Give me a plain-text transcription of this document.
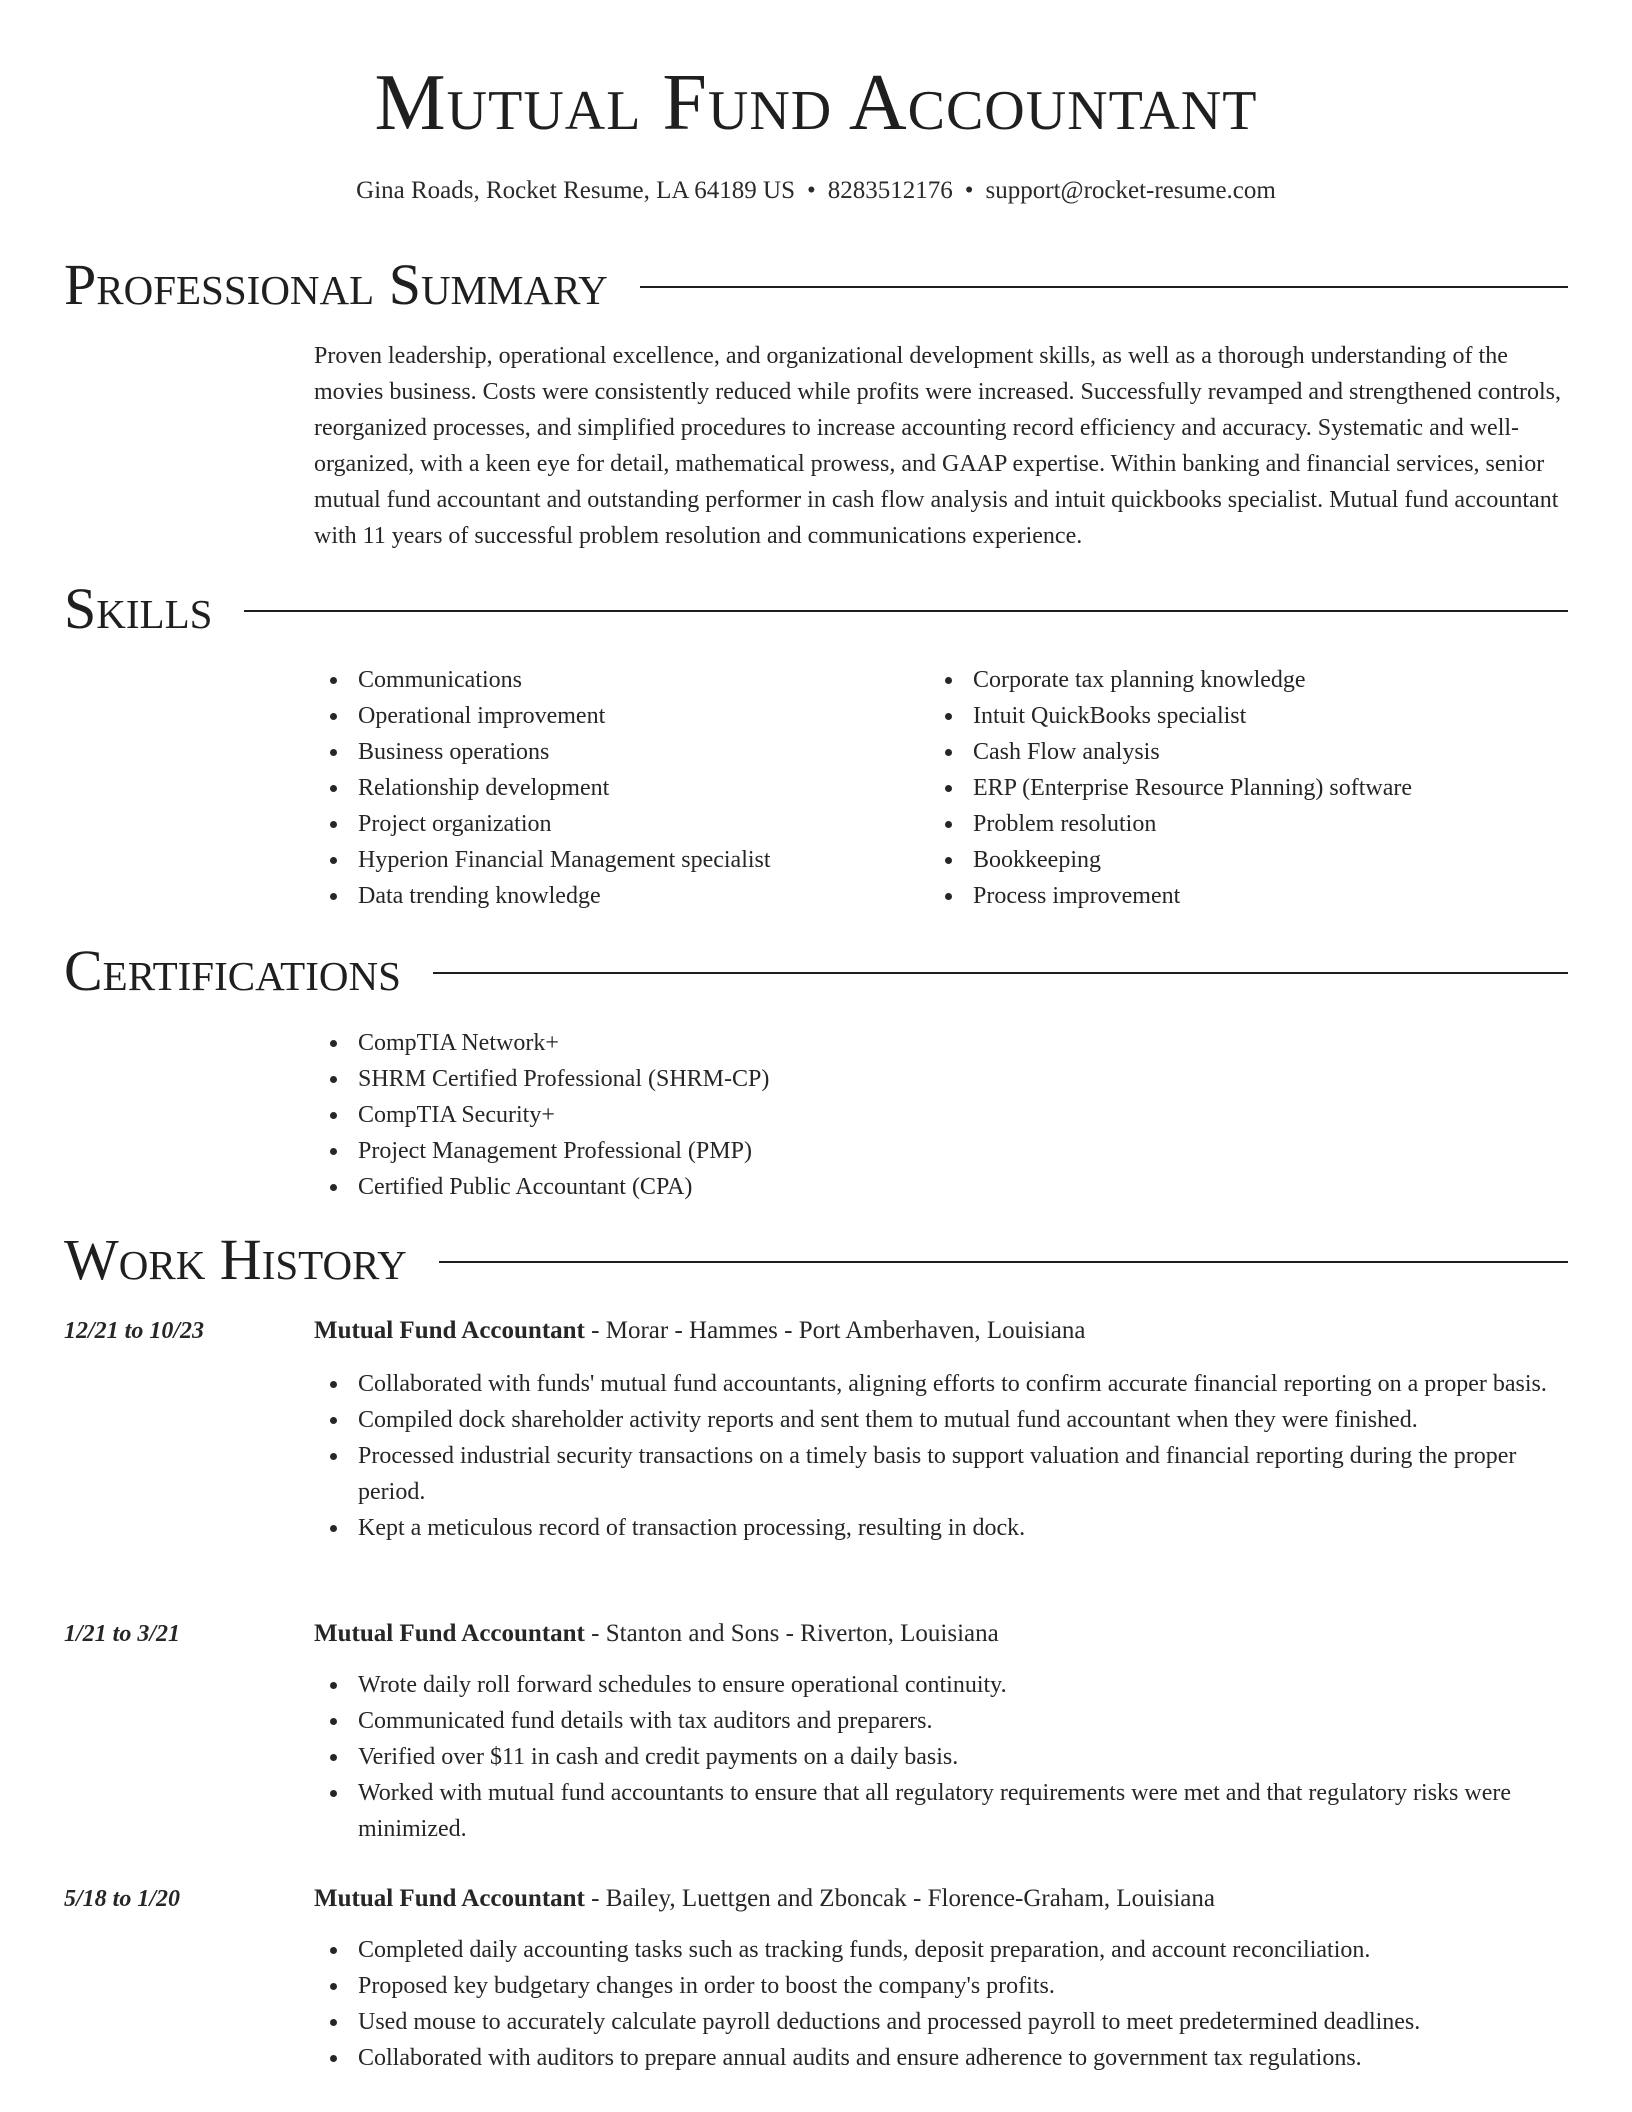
Mutual Fund Accountant
Gina Roads, Rocket Resume, LA 64189 US • 8283512176 • support@rocket-resume.com
Professional Summary

Proven leadership, operational excellence, and organizational development skills, as well as a thorough understanding of the movies business. Costs were consistently reduced while profits were increased. Successfully revamped and strengthened controls, reorganized processes, and simplified procedures to increase accounting record efficiency and accuracy. Systematic and well-organized, with a keen eye for detail, mathematical prowess, and GAAP expertise. Within banking and financial services, senior mutual fund accountant and outstanding performer in cash flow analysis and intuit quickbooks specialist. Mutual fund accountant with 11 years of successful problem resolution and communications experience.

Skills
Communications
Operational improvement
Business operations
Relationship development
Project organization
Hyperion Financial Management specialist
Data trending knowledge
Corporate tax planning knowledge
Intuit QuickBooks specialist
Cash Flow analysis
ERP (Enterprise Resource Planning) software
Problem resolution
Bookkeeping
Process improvement
Certifications
CompTIA Network+
SHRM Certified Professional (SHRM-CP)
CompTIA Security+
Project Management Professional (PMP)
Certified Public Accountant (CPA)
Work History
12/21 to 10/23	Mutual Fund Accountant - Morar - Hammes - Port Amberhaven, Louisiana
Collaborated with funds' mutual fund accountants, aligning efforts to confirm accurate financial reporting on a proper basis.
Compiled dock shareholder activity reports and sent them to mutual fund accountant when they were finished.
Processed industrial security transactions on a timely basis to support valuation and financial reporting during the proper period.
Kept a meticulous record of transaction processing, resulting in dock.
1/21 to 3/21	Mutual Fund Accountant - Stanton and Sons - Riverton, Louisiana
Wrote daily roll forward schedules to ensure operational continuity.
Communicated fund details with tax auditors and preparers.
Verified over $11 in cash and credit payments on a daily basis.
Worked with mutual fund accountants to ensure that all regulatory requirements were met and that regulatory risks were minimized.
5/18 to 1/20	Mutual Fund Accountant - Bailey, Luettgen and Zboncak - Florence-Graham, Louisiana
Completed daily accounting tasks such as tracking funds, deposit preparation, and account reconciliation.
Proposed key budgetary changes in order to boost the company's profits.
Used mouse to accurately calculate payroll deductions and processed payroll to meet predetermined deadlines.
Collaborated with auditors to prepare annual audits and ensure adherence to government tax regulations.
